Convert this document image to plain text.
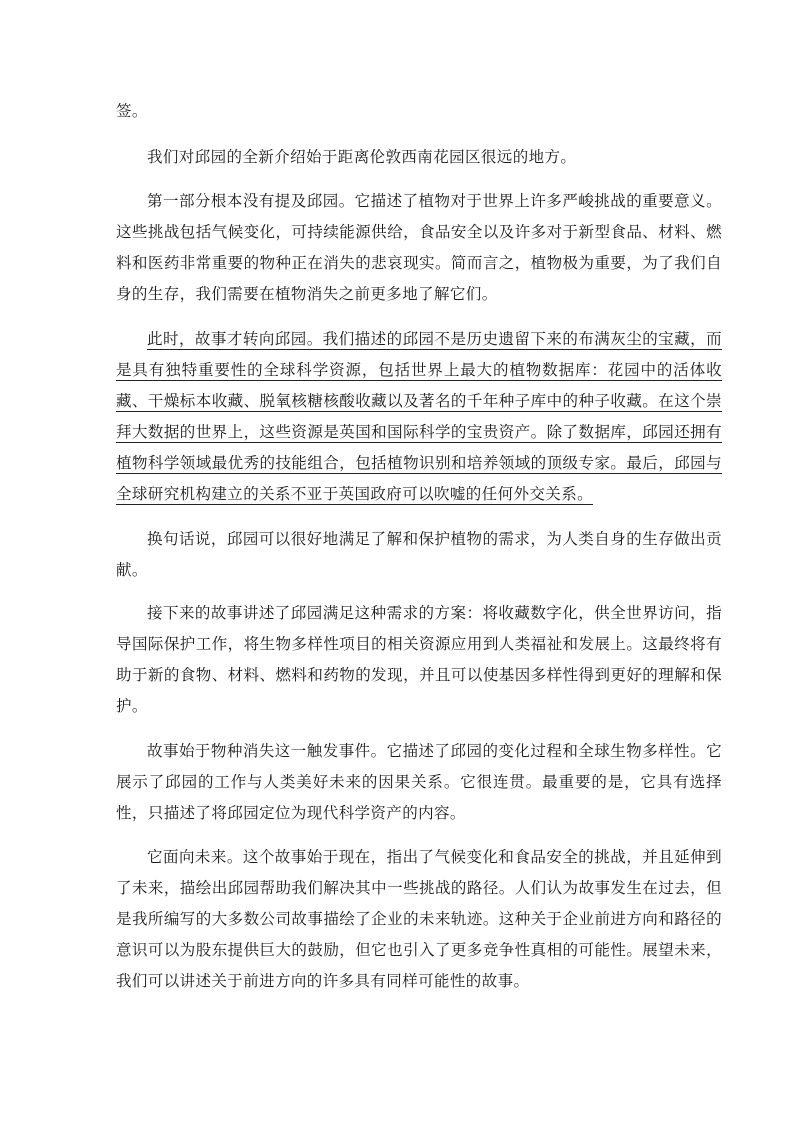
签。

我们对邱园的全新介绍始于距离伦敦西南花园区很远的地方。

第一部分根本没有提及邱园。它描述了植物对于世界上许多严峻挑战的重要意义。这些挑战包括气候变化，可持续能源供给，食品安全以及许多对于新型食品、材料、燃料和医药非常重要的物种正在消失的悲哀现实。简而言之，植物极为重要，为了我们自身的生存，我们需要在植物消失之前更多地了解它们。

此时，故事才转向邱园。我们描述的邱园不是历史遗留下来的布满灰尘的宝藏，而是具有独特重要性的全球科学资源，包括世界上最大的植物数据库：花园中的活体收藏、干燥标本收藏、脱氧核糖核酸收藏以及著名的千年种子库中的种子收藏。在这个崇拜大数据的世界上，这些资源是英国和国际科学的宝贵资产。除了数据库，邱园还拥有植物科学领域最优秀的技能组合，包括植物识别和培养领域的顶级专家。最后，邱园与全球研究机构建立的关系不亚于英国政府可以吹嘘的任何外交关系。

换句话说，邱园可以很好地满足了解和保护植物的需求，为人类自身的生存做出贡献。

接下来的故事讲述了邱园满足这种需求的方案：将收藏数字化，供全世界访问，指导国际保护工作，将生物多样性项目的相关资源应用到人类福祉和发展上。这最终将有助于新的食物、材料、燃料和药物的发现，并且可以使基因多样性得到更好的理解和保护。

故事始于物种消失这一触发事件。它描述了邱园的变化过程和全球生物多样性。它展示了邱园的工作与人类美好未来的因果关系。它很连贯。最重要的是，它具有选择性，只描述了将邱园定位为现代科学资产的内容。

它面向未来。这个故事始于现在，指出了气候变化和食品安全的挑战，并且延伸到了未来，描绘出邱园帮助我们解决其中一些挑战的路径。人们认为故事发生在过去，但是我所编写的大多数公司故事描绘了企业的未来轨迹。这种关于企业前进方向和路径的意识可以为股东提供巨大的鼓励，但它也引入了更多竞争性真相的可能性。展望未来，我们可以讲述关于前进方向的许多具有同样可能性的故事。
